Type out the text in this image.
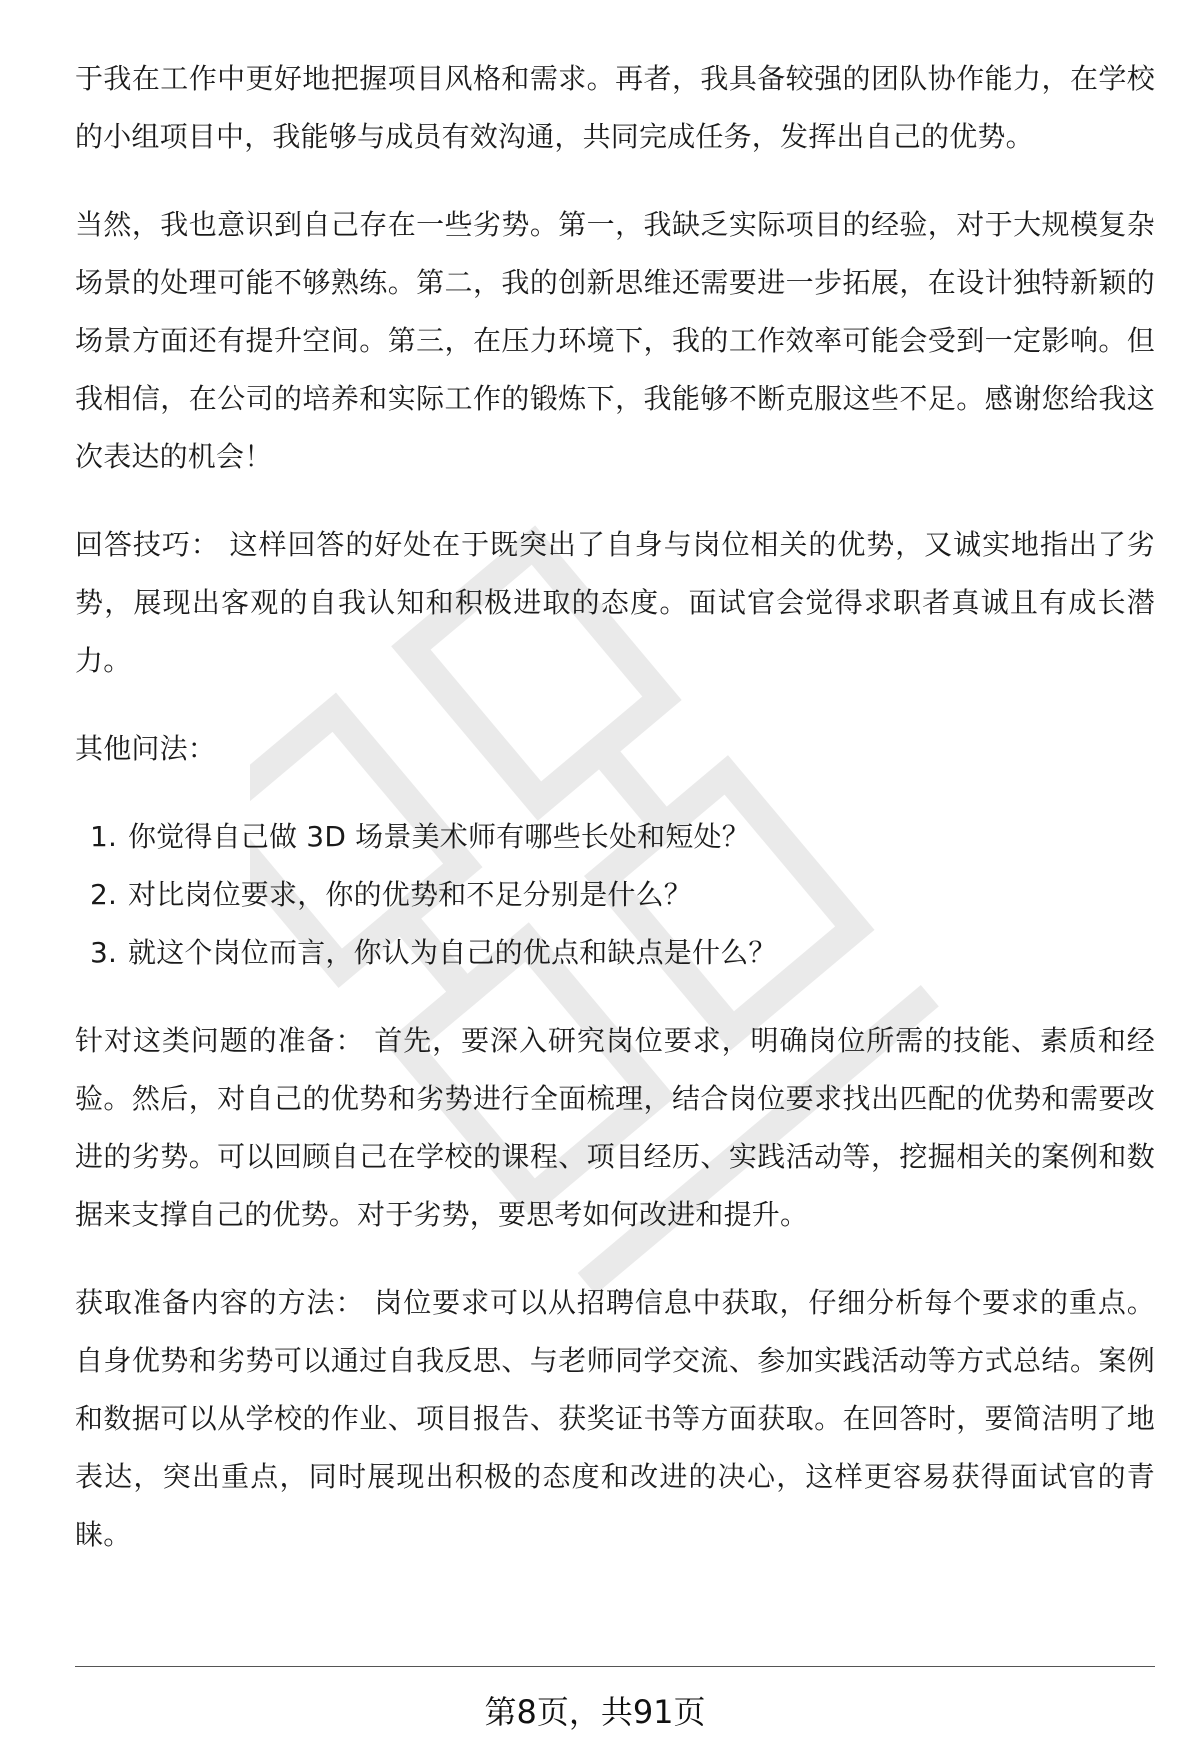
于我在工作中更好地把握项目风格和需求。再者，我具备较强的团队协作能力，在学校的小组项目中，我能够与成员有效沟通，共同完成任务，发挥出自己的优势。

当然，我也意识到自己存在一些劣势。第一，我缺乏实际项目的经验，对于大规模复杂场景的处理可能不够熟练。第二，我的创新思维还需要进一步拓展，在设计独特新颖的场景方面还有提升空间。第三，在压力环境下，我的工作效率可能会受到一定影响。但我相信，在公司的培养和实际工作的锻炼下，我能够不断克服这些不足。感谢您给我这次表达的机会！

回答技巧： 这样回答的好处在于既突出了自身与岗位相关的优势，又诚实地指出了劣势，展现出客观的自我认知和积极进取的态度。面试官会觉得求职者真诚且有成长潜力。

其他问法：

1. 你觉得自己做 3D 场景美术师有哪些长处和短处？
2. 对比岗位要求，你的优势和不足分别是什么？
3. 就这个岗位而言，你认为自己的优点和缺点是什么？

针对这类问题的准备： 首先，要深入研究岗位要求，明确岗位所需的技能、素质和经验。然后，对自己的优势和劣势进行全面梳理，结合岗位要求找出匹配的优势和需要改进的劣势。可以回顾自己在学校的课程、项目经历、实践活动等，挖掘相关的案例和数据来支撑自己的优势。对于劣势，要思考如何改进和提升。

获取准备内容的方法： 岗位要求可以从招聘信息中获取，仔细分析每个要求的重点。自身优势和劣势可以通过自我反思、与老师同学交流、参加实践活动等方式总结。案例和数据可以从学校的作业、项目报告、获奖证书等方面获取。在回答时，要简洁明了地表达，突出重点，同时展现出积极的态度和改进的决心，这样更容易获得面试官的青睐。

第8页，共91页
